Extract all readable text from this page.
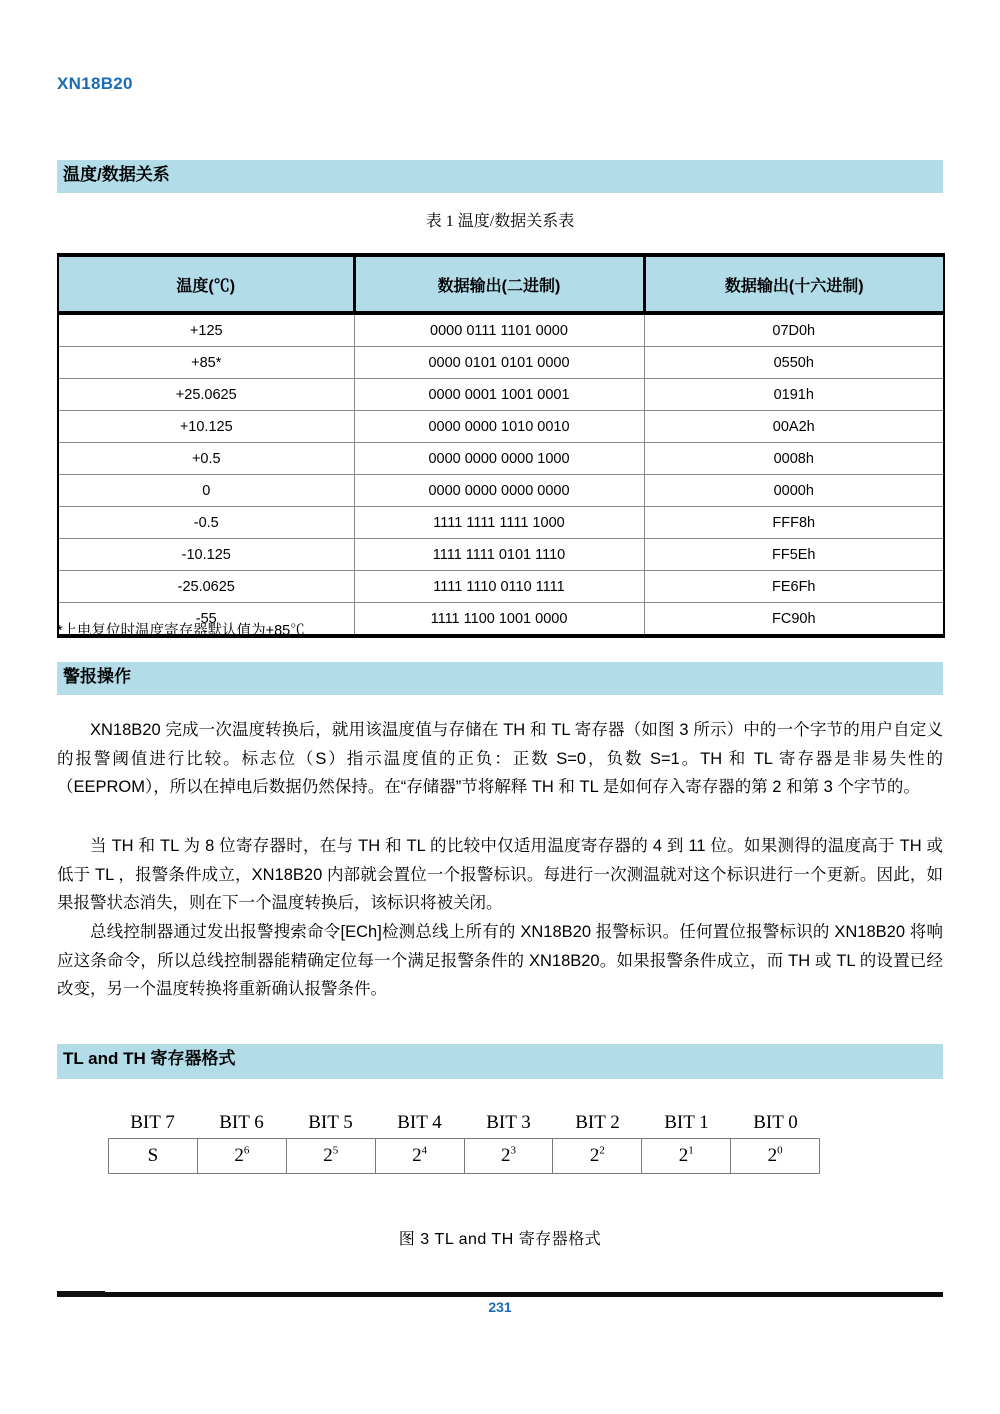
XN18B20
温度/数据关系
表 1 温度/数据关系表
温度(℃)	数据输出(二进制)	数据输出(十六进制)
+125	0000 0111 1101 0000	07D0h
+85*	0000 0101 0101 0000	0550h
+25.0625	0000 0001 1001 0001	0191h
+10.125	0000 0000 1010 0010	00A2h
+0.5	0000 0000 0000 1000	0008h
0	0000 0000 0000 0000	0000h
-0.5	1111 1111 1111 1000	FFF8h
-10.125	1111 1111 0101 1110	FF5Eh
-25.0625	1111 1110 0110 1111	FE6Fh
-55	1111 1100 1001 0000	FC90h
*上电复位时温度寄存器默认值为+85℃
警报操作

XN18B20 完成一次温度转换后，就用该温度值与存储在 TH 和 TL 寄存器（如图 3 所示）中的一个字节的用户自定义的报警阈值进行比较。标志位（S）指示温度值的正负：正数 S=0，负数 S=1。TH 和 TL 寄存器是非易失性的（EEPROM），所以在掉电后数据仍然保持。在“存储器”节将解释 TH 和 TL 是如何存入寄存器的第 2 和第 3 个字节的。

当 TH 和 TL 为 8 位寄存器时，在与 TH 和 TL 的比较中仅适用温度寄存器的 4 到 11 位。如果测得的温度高于 TH 或低于 TL ，报警条件成立，XN18B20 内部就会置位一个报警标识。每进行一次测温就对这个标识进行一个更新。因此，如果报警状态消失，则在下一个温度转换后，该标识将被关闭。

总线控制器通过发出报警搜索命令[ECh]检测总线上所有的 XN18B20 报警标识。任何置位报警标识的 XN18B20 将响应这条命令，所以总线控制器能精确定位每一个满足报警条件的 XN18B20。如果报警条件成立，而 TH 或 TL 的设置已经改变，另一个温度转换将重新确认报警条件。

TL and TH 寄存器格式
BIT 7	BIT 6	BIT 5	BIT 4	BIT 3	BIT 2	BIT 1	BIT 0
S	$2^6$	$2^5$	$2^4$	$2^3$	$2^2$	$2^1$	$2^0$
图 3 TL and TH 寄存器格式
231
